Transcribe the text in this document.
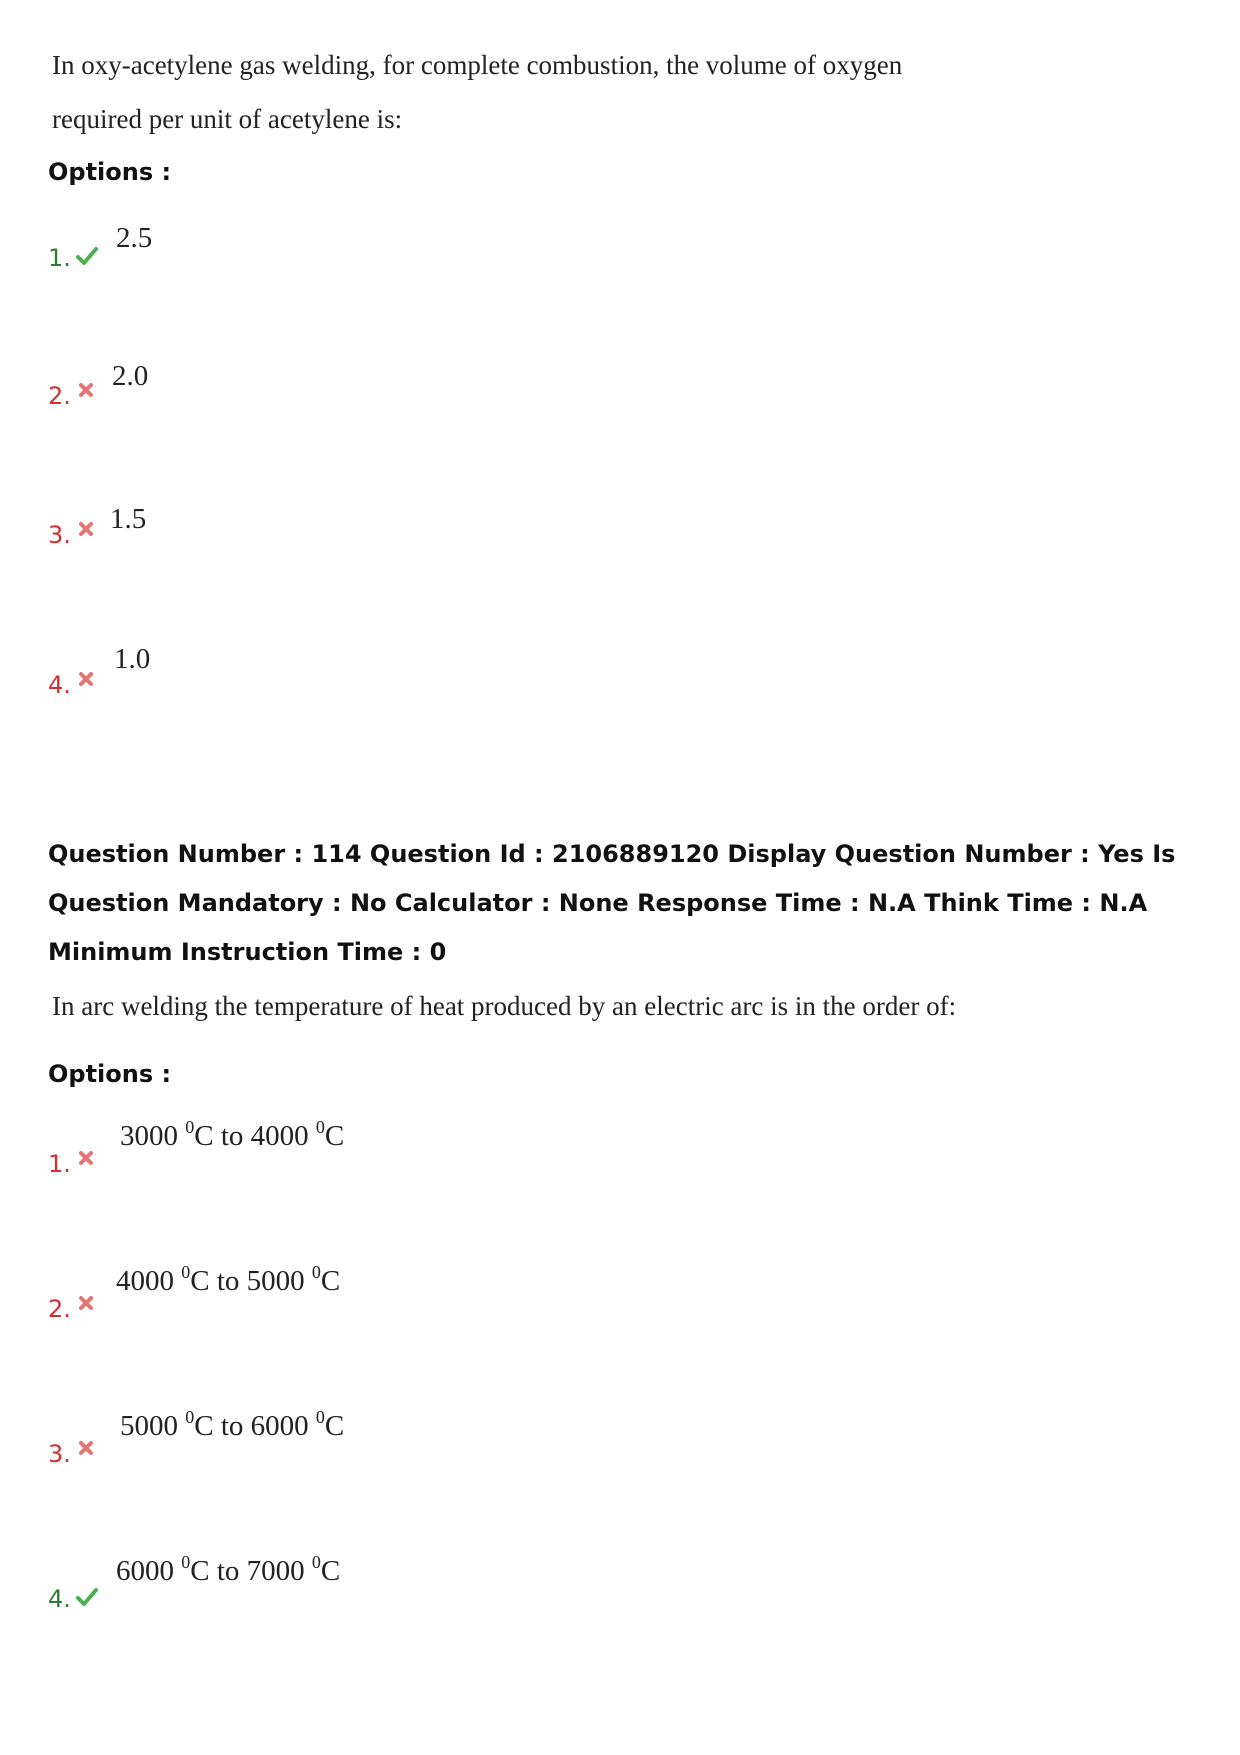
In oxy-acetylene gas welding, for complete combustion, the volume of oxygen required per unit of acetylene is:
Options :
1.
2.5
2.
2.0
3. 1.5
4.
1.0
Question Number : 114 Question Id : 2106889120 Display Question Number : Yes Is Question Mandatory : No Calculator : None Response Time : N.A Think Time : N.A Minimum Instruction Time : 0
In arc welding the temperature of heat produced by an electric arc is in the order of:
Options :
1.
3000 $^0$C to 4000 $^0$C
2.
4000 $^0$C to 5000 $^0$C
3.
5000 $^0$C to 6000 $^0$C
4.
6000 $^0$C to 7000 $^0$C
